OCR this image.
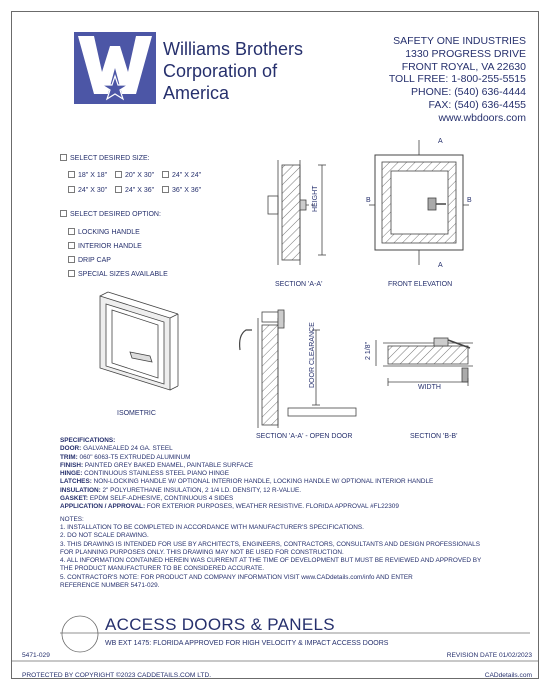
Williams Brothers
Corporation of
America
SAFETY ONE INDUSTRIES
1330 PROGRESS DRIVE
FRONT ROYAL, VA 22630
TOLL FREE: 1-800-255-5515
PHONE: (540) 636-4444
FAX: (540) 636-4455
www.wbdoors.com
SELECT DESIRED SIZE:
18" X 18"	20" X 30"	24" X 24"
24" X 30"	24" X 36"	36" X 36"
SELECT DESIRED OPTION:
LOCKING HANDLE
INTERIOR HANDLE
DRIP CAP
SPECIAL SIZES AVAILABLE
SECTION 'A-A'	FRONT ELEVATION
ISOMETRIC
SECTION 'A-A' - OPEN DOOR	SECTION 'B-B'
HEIGHT
DOOR CLEARANCE	2 1/8"
WIDTH
A
A
B	B
SPECIFICATIONS:
DOOR: GALVANEALED 24 GA. STEEL
TRIM: 060" 6063-T5 EXTRUDED ALUMINUM
FINISH: PAINTED GREY BAKED ENAMEL, PAINTABLE SURFACE
HINGE: CONTINUOUS STAINLESS STEEL PIANO HINGE
LATCHES: NON-LOCKING HANDLE W/ OPTIONAL INTERIOR HANDLE, LOCKING HANDLE W/ OPTIONAL INTERIOR HANDLE
INSULATION: 2" POLYURETHANE INSULATION, 2 1/4 LD. DENSITY, 12 R-VALUE.
GASKET: EPDM SELF-ADHESIVE, CONTINUOUS 4 SIDES
APPLICATION / APPROVAL: FOR EXTERIOR PURPOSES, WEATHER RESISTIVE. FLORIDA APPROVAL #FL22309
NOTES:
1. INSTALLATION TO BE COMPLETED IN ACCORDANCE WITH MANUFACTURER'S SPECIFICATIONS.
2. DO NOT SCALE DRAWING.
3. THIS DRAWING IS INTENDED FOR USE BY ARCHITECTS, ENGINEERS, CONTRACTORS, CONSULTANTS AND DESIGN PROFESSIONALS
FOR PLANNING PURPOSES ONLY. THIS DRAWING MAY NOT BE USED FOR CONSTRUCTION.
4. ALL INFORMATION CONTAINED HEREIN WAS CURRENT AT THE TIME OF DEVELOPMENT BUT MUST BE REVIEWED AND APPROVED BY
THE PRODUCT MANUFACTURER TO BE CONSIDERED ACCURATE.
5. CONTRACTOR'S NOTE: FOR PRODUCT AND COMPANY INFORMATION VISIT www.CADdetails.com/info AND ENTER
REFERENCE NUMBER 5471-029.
ACCESS DOORS & PANELS
WB EXT 1475: FLORIDA APPROVED FOR HIGH VELOCITY & IMPACT ACCESS DOORS
5471-029	REVISION DATE 01/02/2023
PROTECTED BY COPYRIGHT ©2023 CADDETAILS.COM LTD.	CADdetails.com
